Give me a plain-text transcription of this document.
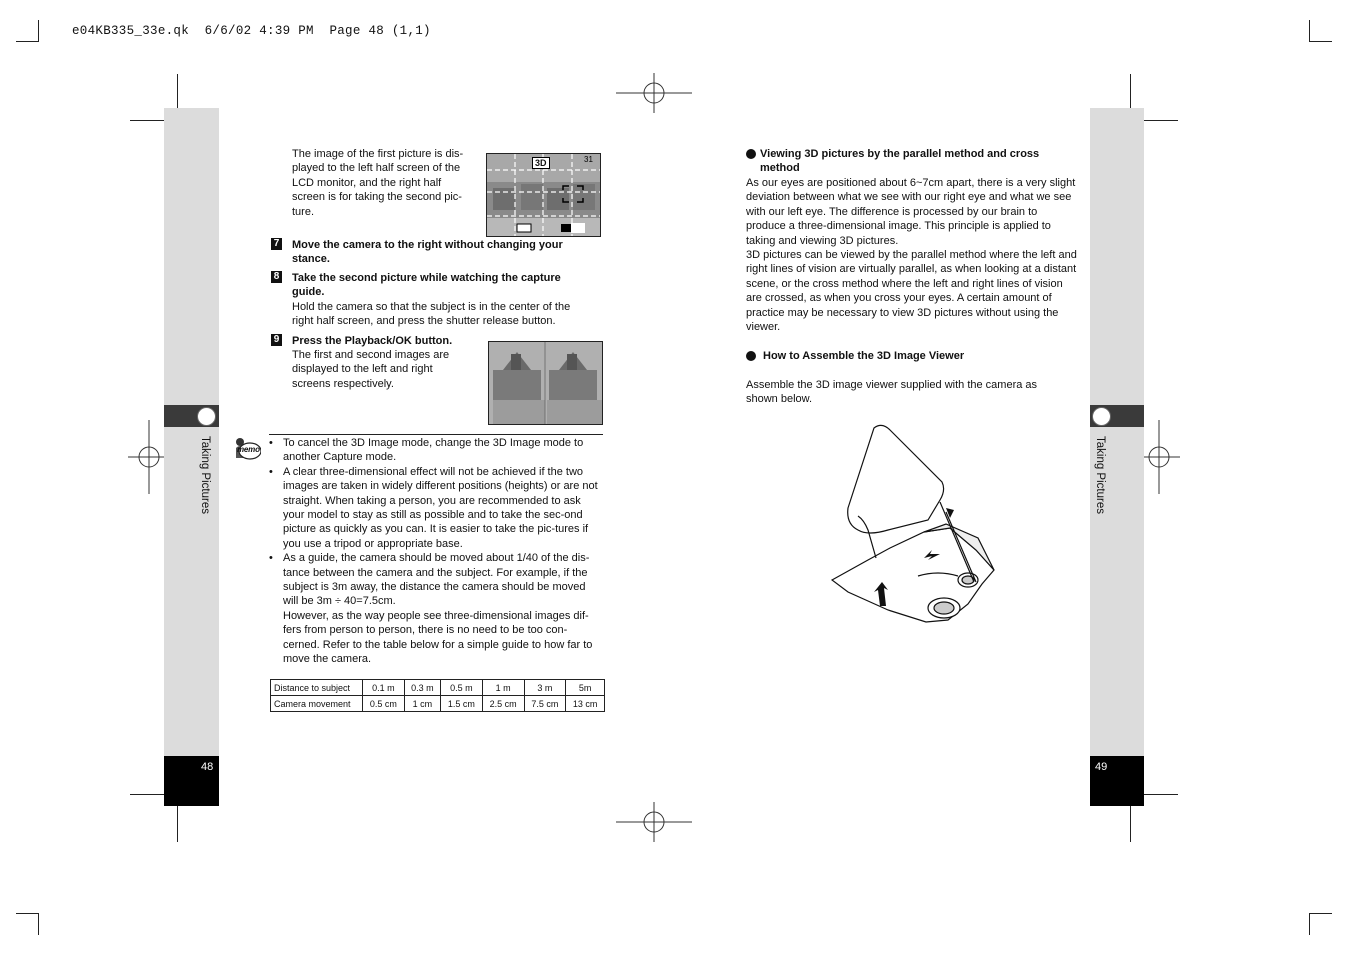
e04KB335_33e.qk  6/6/02 4:39 PM  Page 48 (1,1)
Taking Pictures
48
Taking Pictures
49
The image of the first picture is dis-played to the left half screen of the LCD monitor, and the right half screen is for taking the second pic-ture.
3D	31
7 Move the camera to the right without changing your stance.
8 Take the second picture while watching the capture guide.
Hold the camera so that the subject is in the center of the right half screen, and press the shutter release button.
9 Press the Playback/OK button.
The first and second images are displayed to the left and right screens respectively.
memo
• To cancel the 3D Image mode, change the 3D Image mode to another Capture mode.
• A clear three-dimensional effect will not be achieved if the two images are taken in widely different positions (heights) or are not straight. When taking a person, you are recommended to ask your model to stay as still as possible and to take the sec-ond picture as quickly as you can. It is easier to take the pic-tures if you use a tripod or appropriate base.
• As a guide, the camera should be moved about 1/40 of the dis-tance between the camera and the subject. For example, if the subject is 3m away, the distance the camera should be moved will be 3m ÷ 40=7.5cm.
However, as the way people see three-dimensional images dif-fers from person to person, there is no need to be too con-cerned. Refer to the table below for a simple guide to how far to move the camera.
Distance to subject	0.1 m	0.3 m	0.5 m	1 m	3 m	5m
Camera movement	0.5 cm	1 cm	1.5 cm	2.5 cm	7.5 cm	13 cm
Viewing 3D pictures by the parallel method and cross method
As our eyes are positioned about 6~7cm apart, there is a very slight deviation between what we see with our right eye and what we see with our left eye. The difference is processed by our brain to produce a three-dimensional image. This principle is applied to taking and viewing 3D pictures.
3D pictures can be viewed by the parallel method where the left and right lines of vision are virtually parallel, as when looking at a distant scene, or the cross method where the left and right lines of vision are crossed, as when you cross your eyes. A certain amount of practice may be necessary to view 3D pictures without using the viewer.
How to Assemble the 3D Image Viewer
Assemble the 3D image viewer supplied with the camera as shown below.
